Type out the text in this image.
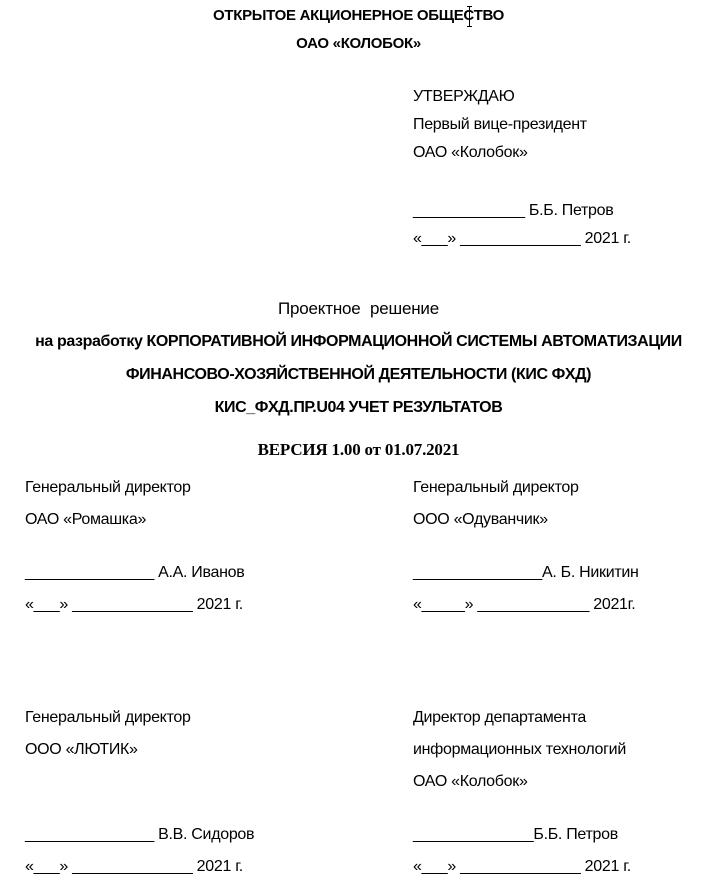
ОТКРЫТОЕ АКЦИОНЕРНОЕ ОБЩЕСТВО
ОАО «КОЛОБОК»
УТВЕРЖДАЮ
Первый вице-президент
ОАО «Колобок»
_____________ Б.Б. Петров
«___» ______________ 2021 г.
Проектное решение
на разработку КОРПОРАТИВНОЙ ИНФОРМАЦИОННОЙ СИСТЕМЫ АВТОМАТИЗАЦИИ
ФИНАНСОВО-ХОЗЯЙСТВЕННОЙ ДЕЯТЕЛЬНОСТИ (КИС ФХД)
КИС_ФХД.ПР.U04 УЧЕТ РЕЗУЛЬТАТОВ
ВЕРСИЯ 1.00 от 01.07.2021
Генеральный директор
ОАО «Ромашка»
_______________ А.А. Иванов
«___» ______________ 2021 г.
Генеральный директор
ООО «Одуванчик»
_______________А. Б. Никитин
«_____» _____________ 2021г.
Генеральный директор
ООО «ЛЮТИК»
_______________ В.В. Сидоров
«___» ______________ 2021 г.
Директор департамента
информационных технологий
ОАО «Колобок»
______________Б.Б. Петров
«___» ______________ 2021 г.
